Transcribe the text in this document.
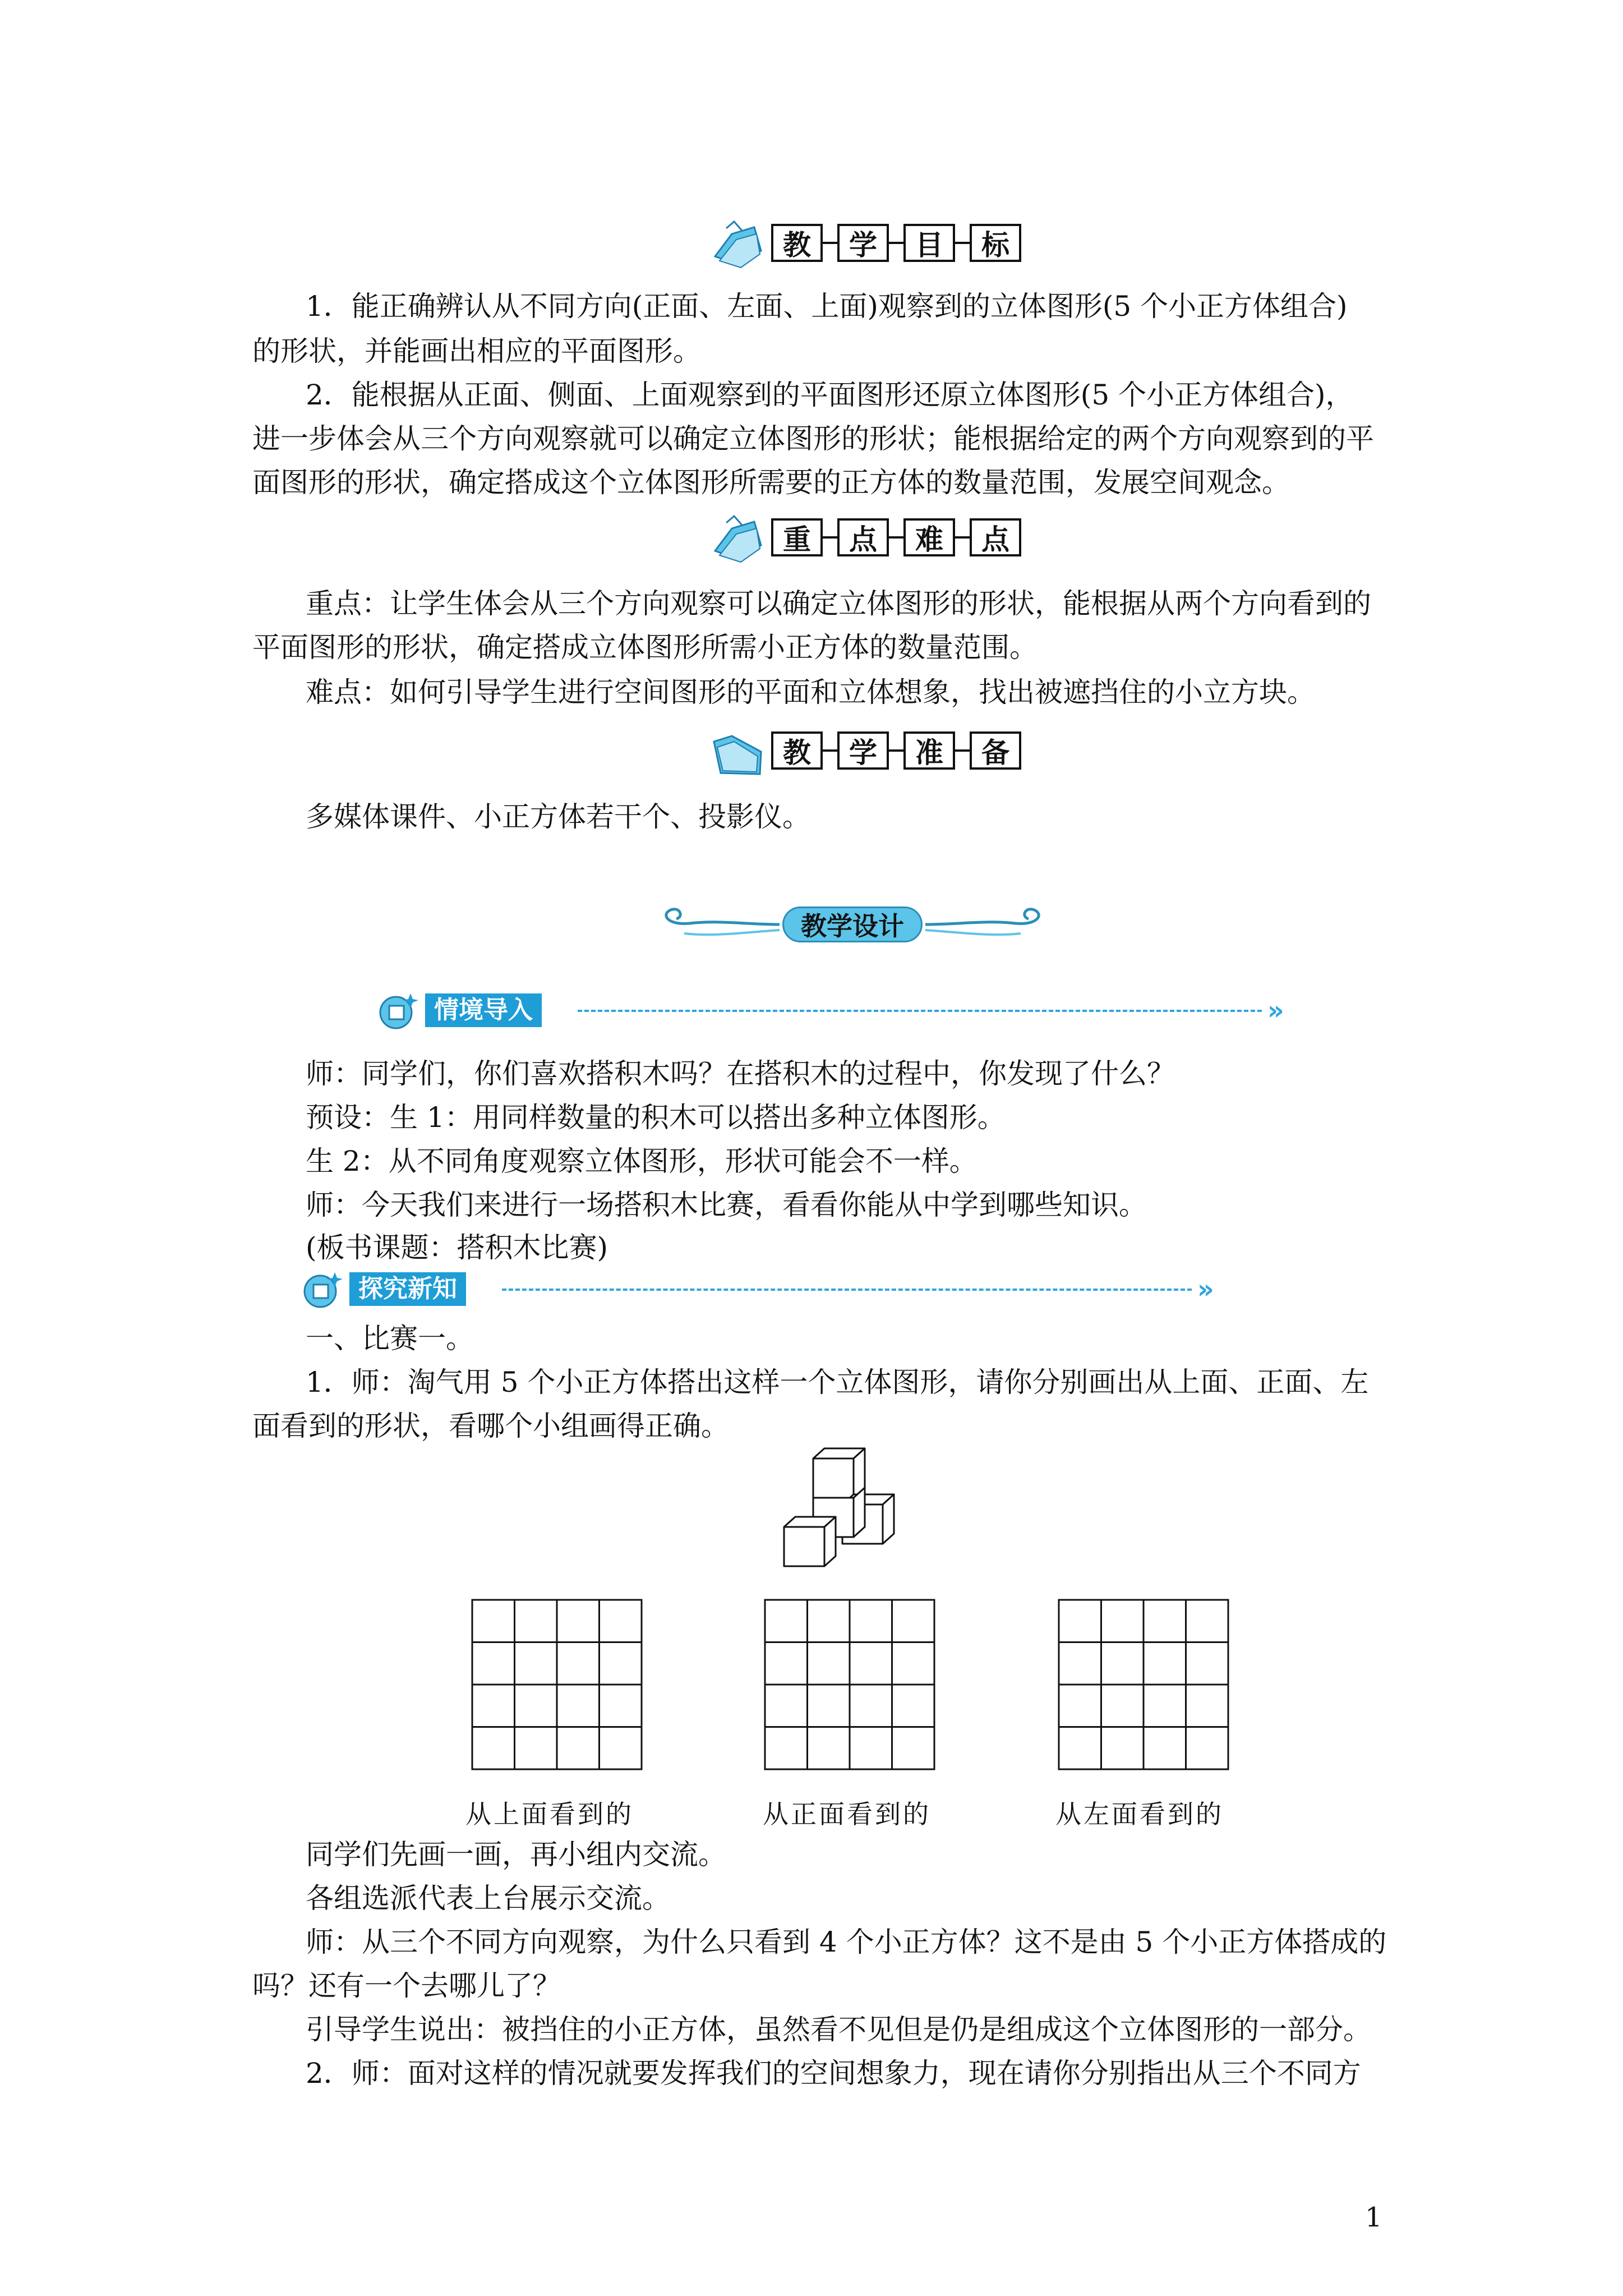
教	学	目	标
1．能正确辨认从不同方向(正面、左面、上面)观察到的立体图形(5 个小正方体组合)
的形状，并能画出相应的平面图形。
2．能根据从正面、侧面、上面观察到的平面图形还原立体图形(5 个小正方体组合)，
进一步体会从三个方向观察就可以确定立体图形的形状；能根据给定的两个方向观察到的平
面图形的形状，确定搭成这个立体图形所需要的正方体的数量范围，发展空间观念。
重	点	难	点
重点：让学生体会从三个方向观察可以确定立体图形的形状，能根据从两个方向看到的
平面图形的形状，确定搭成立体图形所需小正方体的数量范围。
难点：如何引导学生进行空间图形的平面和立体想象，找出被遮挡住的小立方块。
教	学	准	备
多媒体课件、小正方体若干个、投影仪。
教学设计
情境导入	»
师：同学们，你们喜欢搭积木吗？在搭积木的过程中，你发现了什么？
预设：生 1：用同样数量的积木可以搭出多种立体图形。
生 2：从不同角度观察立体图形，形状可能会不一样。
师：今天我们来进行一场搭积木比赛，看看你能从中学到哪些知识。
(板书课题：搭积木比赛)
探究新知	»
一、比赛一。
1．师：淘气用 5 个小正方体搭出这样一个立体图形，请你分别画出从上面、正面、左
面看到的形状，看哪个小组画得正确。
从上面看到的	从正面看到的	从左面看到的
同学们先画一画，再小组内交流。
各组选派代表上台展示交流。
师：从三个不同方向观察，为什么只看到 4 个小正方体？这不是由 5 个小正方体搭成的
吗？还有一个去哪儿了？
引导学生说出：被挡住的小正方体，虽然看不见但是仍是组成这个立体图形的一部分。
2．师：面对这样的情况就要发挥我们的空间想象力，现在请你分别指出从三个不同方
1
